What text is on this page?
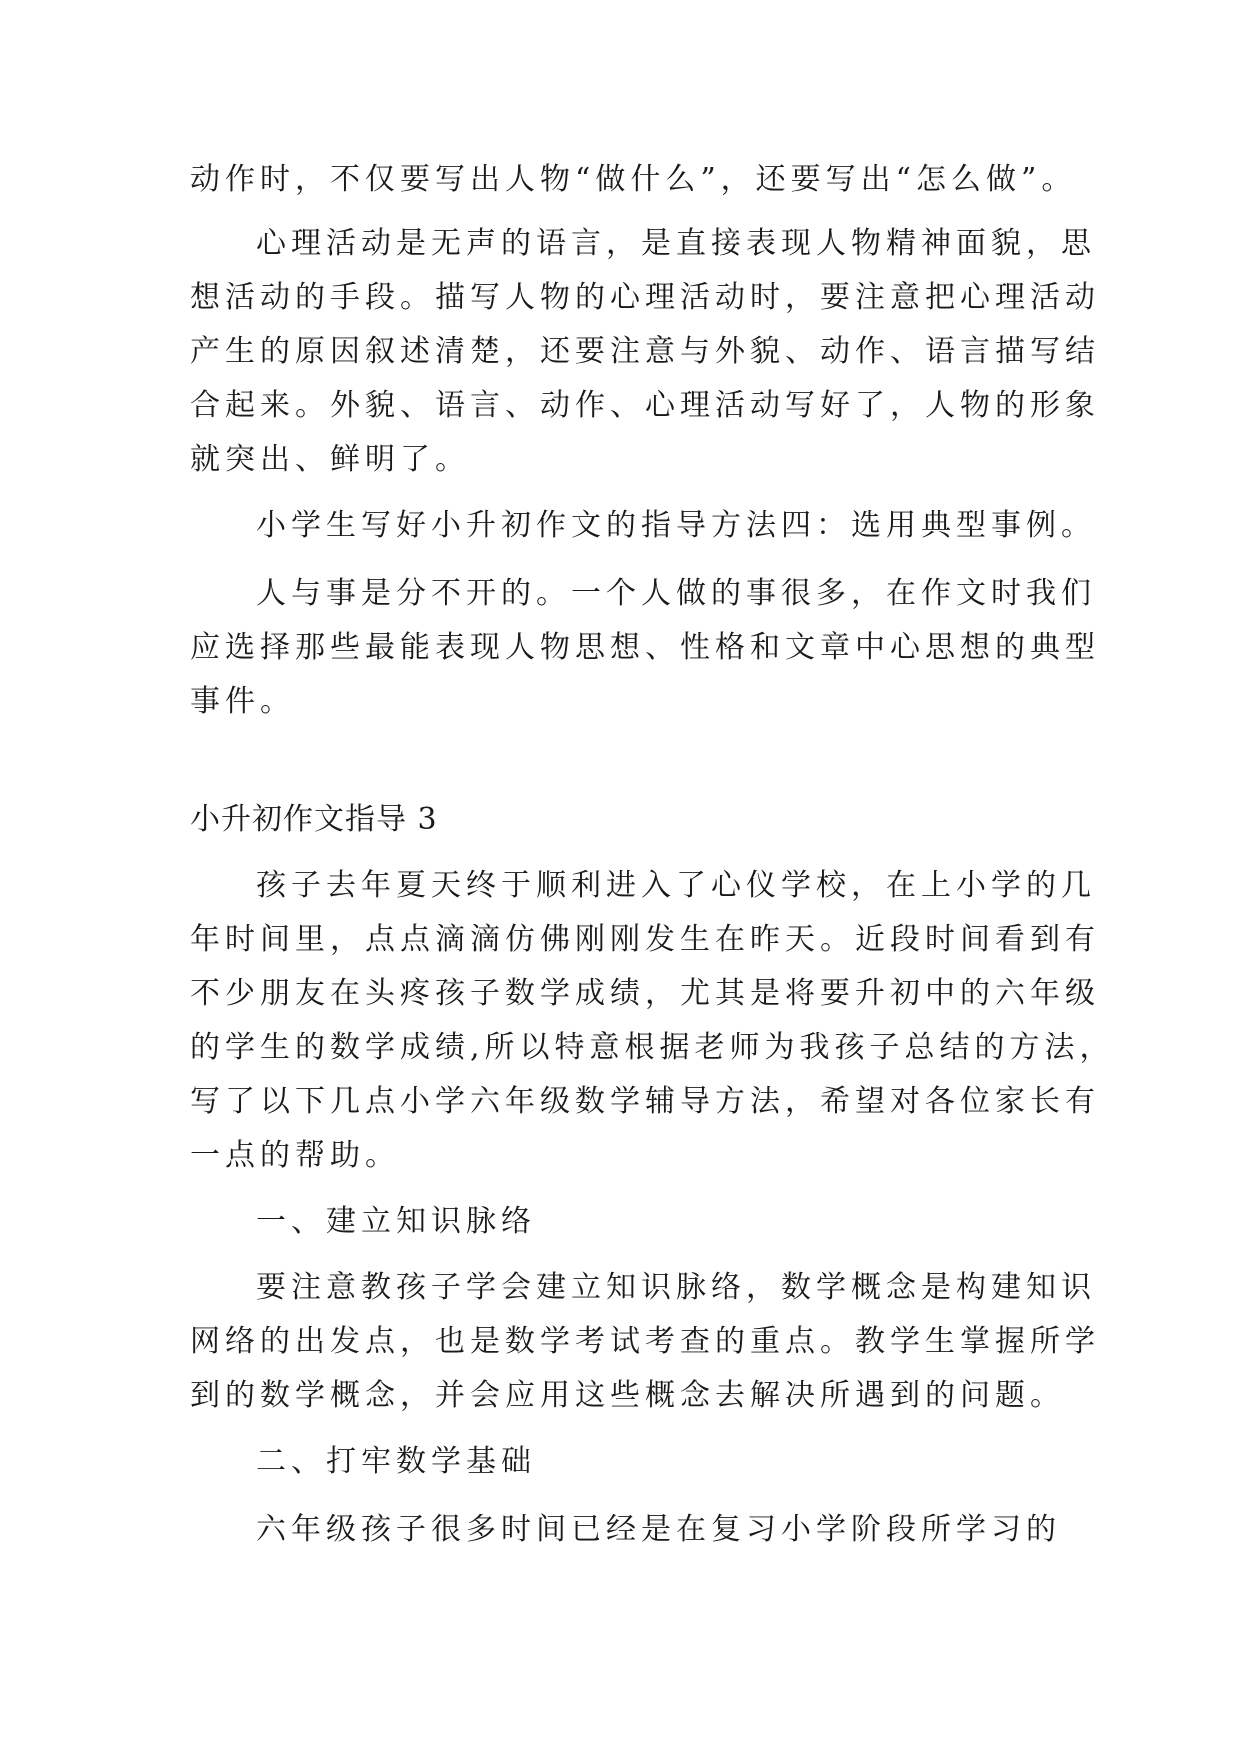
动作时，不仅要写出人物“做什么”，还要写出“怎么做”。
心理活动是无声的语言，是直接表现人物精神面貌，思
想活动的手段。描写人物的心理活动时，要注意把心理活动
产生的原因叙述清楚，还要注意与外貌、动作、语言描写结
合起来。外貌、语言、动作、心理活动写好了，人物的形象
就突出、鲜明了。
小学生写好小升初作文的指导方法四：选用典型事例。
人与事是分不开的。一个人做的事很多，在作文时我们
应选择那些最能表现人物思想、性格和文章中心思想的典型
事件。
小升初作文指导 3
孩子去年夏天终于顺利进入了心仪学校，在上小学的几
年时间里，点点滴滴仿佛刚刚发生在昨天。近段时间看到有
不少朋友在头疼孩子数学成绩，尤其是将要升初中的六年级
的学生的数学成绩,所以特意根据老师为我孩子总结的方法，
写了以下几点小学六年级数学辅导方法，希望对各位家长有
一点的帮助。
一、建立知识脉络
要注意教孩子学会建立知识脉络，数学概念是构建知识
网络的出发点，也是数学考试考查的重点。教学生掌握所学
到的数学概念，并会应用这些概念去解决所遇到的问题。
二、打牢数学基础
六年级孩子很多时间已经是在复习小学阶段所学习的
